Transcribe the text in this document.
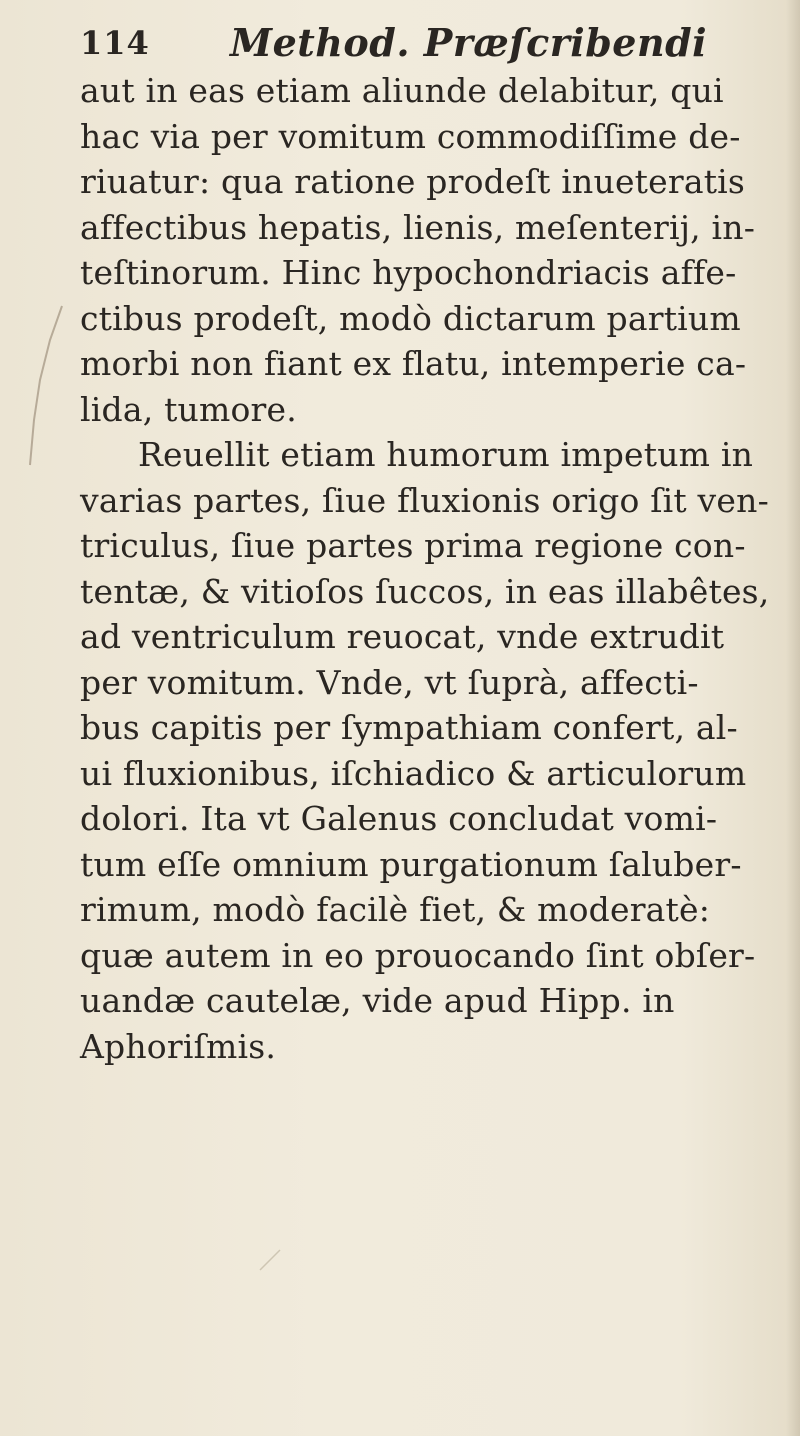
114 Method. Præſcribendi
aut in eas etiam aliunde delabitur, qui
hac via per vomitum commodiſſime de-
riuatur: qua ratione prodeſt inueteratis
affectibus hepatis, lienis, meſenterij, in-
teſtinorum. Hinc hypochondriacis affe-
ctibus prodeſt, modò dictarum partium
morbi non fiant ex flatu, intemperie ca-
lida, tumore.
Reuellit etiam humorum impetum in
varias partes, ſiue fluxionis origo ſit ven-
triculus, ſiue partes prima regione con-
tentæ, & vitioſos ſuccos, in eas illabêtes,
ad ventriculum reuocat, vnde extrudit
per vomitum. Vnde, vt ſuprà, affecti-
bus capitis per ſympathiam confert, al-
ui fluxionibus, iſchiadico & articulorum
dolori. Ita vt Galenus concludat vomi-
tum eſſe omnium purgationum ſaluber-
rimum, modò facilè fiet, & moderatè:
quæ autem in eo prouocando ſint obſer-
uandæ cautelæ, vide apud Hipp. in
Aphoriſmis.
